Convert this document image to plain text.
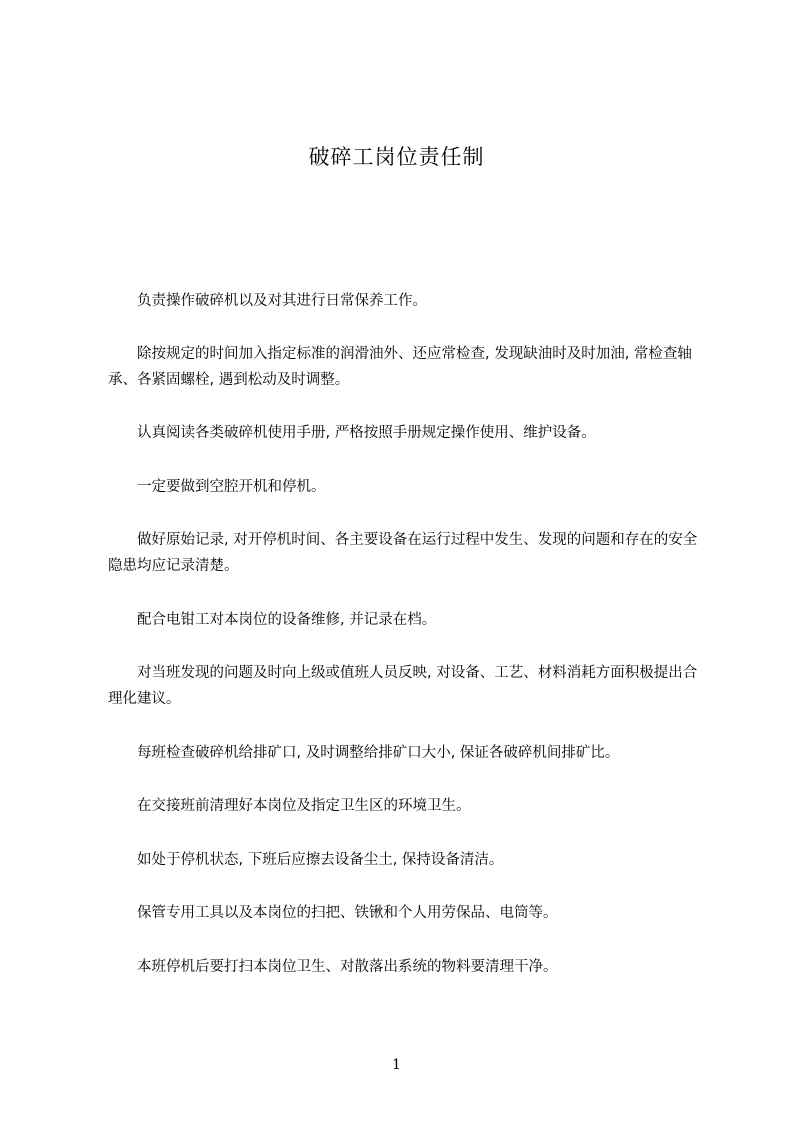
破碎工岗位责任制

负责操作破碎机以及对其进行日常保养工作。

除按规定的时间加入指定标准的润滑油外、还应常检查, 发现缺油时及时加油, 常检查轴承、各紧固螺栓, 遇到松动及时调整。

认真阅读各类破碎机使用手册, 严格按照手册规定操作使用、维护设备。

一定要做到空腔开机和停机。

做好原始记录, 对开停机时间、各主要设备在运行过程中发生、发现的问题和存在的安全隐患均应记录清楚。

配合电钳工对本岗位的设备维修, 并记录在档。

对当班发现的问题及时向上级或值班人员反映, 对设备、工艺、材料消耗方面积极提出合理化建议。

每班检查破碎机给排矿口, 及时调整给排矿口大小, 保证各破碎机间排矿比。

在交接班前清理好本岗位及指定卫生区的环境卫生。

如处于停机状态, 下班后应擦去设备尘土, 保持设备清洁。

保管专用工具以及本岗位的扫把、铁锹和个人用劳保品、电筒等。

本班停机后要打扫本岗位卫生、对散落出系统的物料要清理干净。

1
